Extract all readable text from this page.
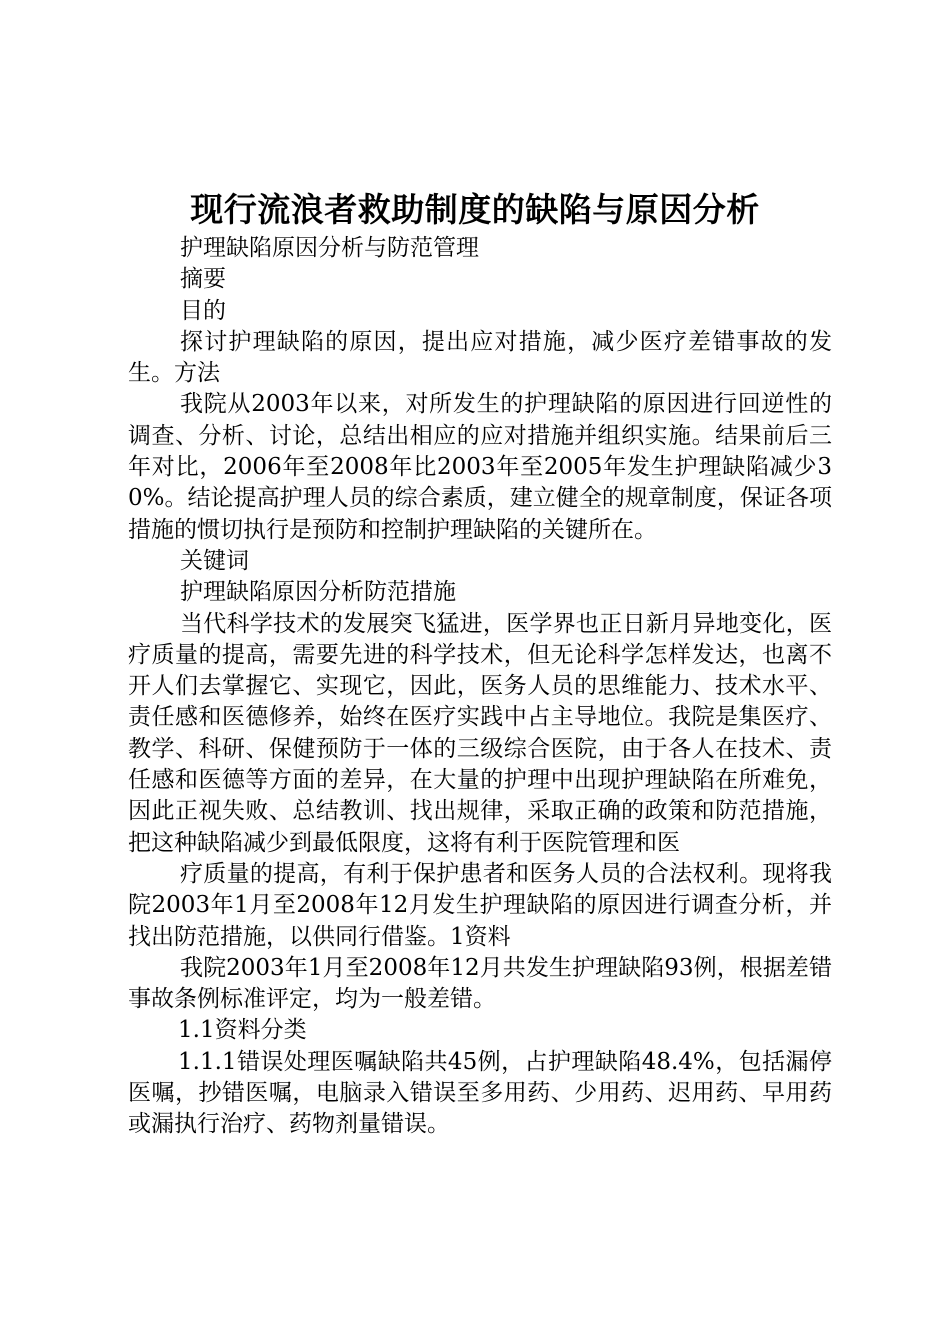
现行流浪者救助制度的缺陷与原因分析

护理缺陷原因分析与防范管理

摘要

目的

探讨护理缺陷的原因，提出应对措施，减少医疗差错事故的发生。方法

我院从2003年以来，对所发生的护理缺陷的原因进行回逆性的调查、分析、讨论，总结出相应的应对措施并组织实施。结果前后三年对比，2006年至2008年比2003年至2005年发生护理缺陷减少30%。结论提高护理人员的综合素质，建立健全的规章制度，保证各项措施的惯切执行是预防和控制护理缺陷的关键所在。

关键词

护理缺陷原因分析防范措施

当代科学技术的发展突飞猛进，医学界也正日新月异地变化，医疗质量的提高，需要先进的科学技术，但无论科学怎样发达，也离不开人们去掌握它、实现它，因此，医务人员的思维能力、技术水平、责任感和医德修养，始终在医疗实践中占主导地位。我院是集医疗、教学、科研、保健预防于一体的三级综合医院，由于各人在技术、责任感和医德等方面的差异，在大量的护理中出现护理缺陷在所难免，因此正视失败、总结教训、找出规律，采取正确的政策和防范措施，把这种缺陷减少到最低限度，这将有利于医院管理和医

疗质量的提高，有利于保护患者和医务人员的合法权利。现将我院2003年1月至2008年12月发生护理缺陷的原因进行调查分析，并找出防范措施，以供同行借鉴。1资料

我院2003年1月至2008年12月共发生护理缺陷93例，根据差错事故条例标准评定，均为一般差错。

1.1资料分类

1.1.1错误处理医嘱缺陷共45例，占护理缺陷48.4%，包括漏停医嘱，抄错医嘱，电脑录入错误至多用药、少用药、迟用药、早用药或漏执行治疗、药物剂量错误。
